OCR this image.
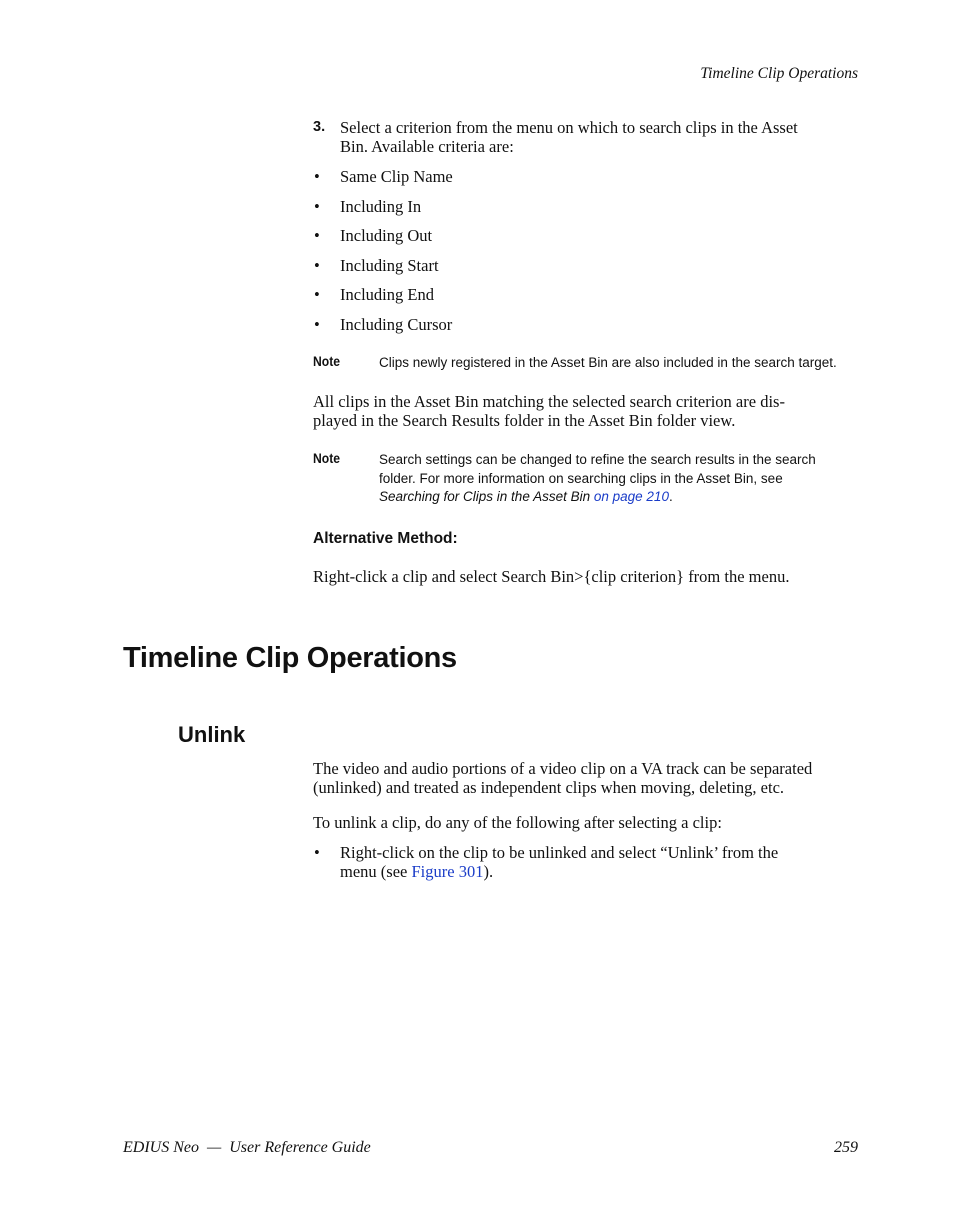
Timeline Clip Operations
3. Select a criterion from the menu on which to search clips in the Asset
Bin. Available criteria are:
• Same Clip Name
• Including In
• Including Out
• Including Start
• Including End
• Including Cursor
Note	Clips newly registered in the Asset Bin are also included in the search target.
All clips in the Asset Bin matching the selected search criterion are dis-
played in the Search Results folder in the Asset Bin folder view.
Note	Search settings can be changed to refine the search results in the search
folder. For more information on searching clips in the Asset Bin, see
Searching for Clips in the Asset Bin on page 210.
Alternative Method:
Right-click a clip and select Search Bin>{clip criterion} from the menu.
Timeline Clip Operations
Unlink
The video and audio portions of a video clip on a VA track can be separated
(unlinked) and treated as independent clips when moving, deleting, etc.
To unlink a clip, do any of the following after selecting a clip:
• Right-click on the clip to be unlinked and select “Unlink’ from the
menu (see Figure 301).
EDIUS Neo  —  User Reference Guide	259
